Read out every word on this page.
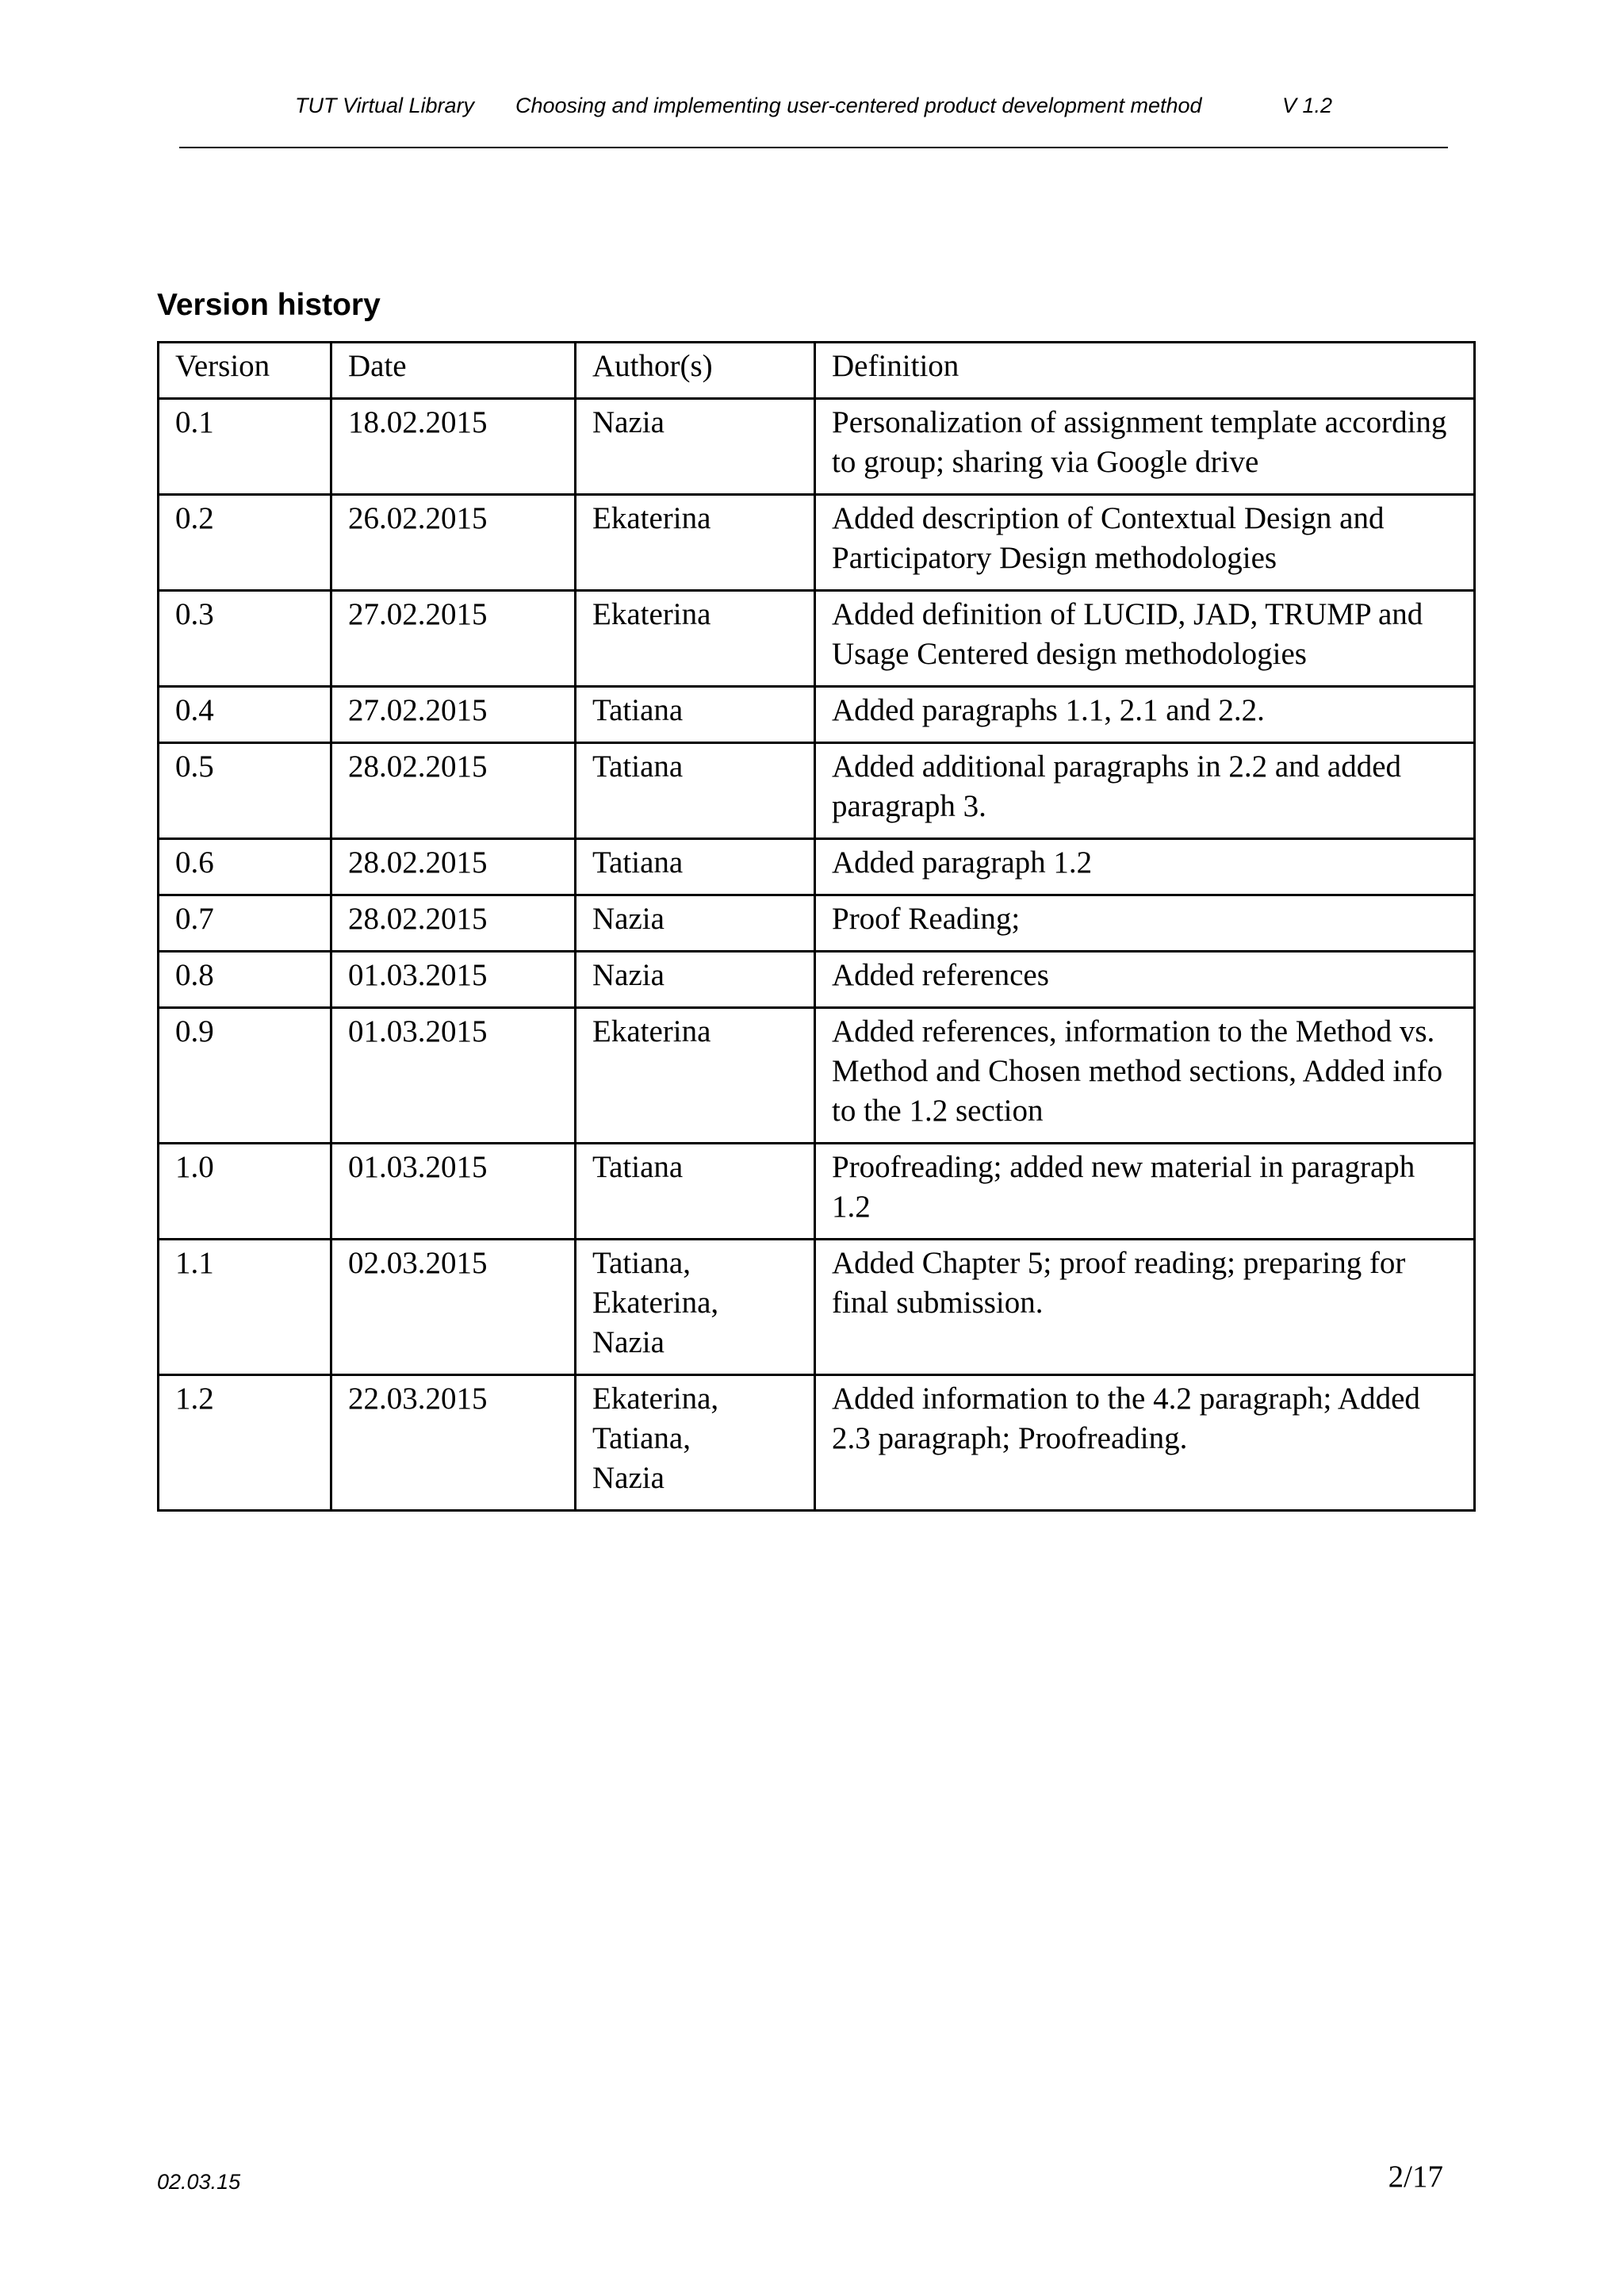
TUT Virtual Library Choosing and implementing user-centered product development method	V 1.2
Version history
Version	Date	Author(s)	Definition
0.1	18.02.2015	Nazia	Personalization of assignment template according to group; sharing via Google drive
0.2	26.02.2015	Ekaterina	Added description of Contextual Design and Participatory Design methodologies
0.3	27.02.2015	Ekaterina	Added definition of LUCID, JAD, TRUMP and Usage Centered design methodologies
0.4	27.02.2015	Tatiana	Added paragraphs 1.1, 2.1 and 2.2.
0.5	28.02.2015	Tatiana	Added additional paragraphs in 2.2 and added paragraph 3.
0.6	28.02.2015	Tatiana	Added paragraph 1.2
0.7	28.02.2015	Nazia	Proof Reading;
0.8	01.03.2015	Nazia	Added references
0.9	01.03.2015	Ekaterina	Added references, information to the Method vs. Method and Chosen method sections, Added info to the 1.2 section
1.0	01.03.2015	Tatiana	Proofreading; added new material in paragraph 1.2
1.1	02.03.2015	Tatiana,
Ekaterina,
Nazia	Added Chapter 5; proof reading; preparing for final submission.
1.2	22.03.2015	Ekaterina,
Tatiana,
Nazia	Added information to the 4.2 paragraph; Added 2.3 paragraph; Proofreading.
02.03.15	2/17
